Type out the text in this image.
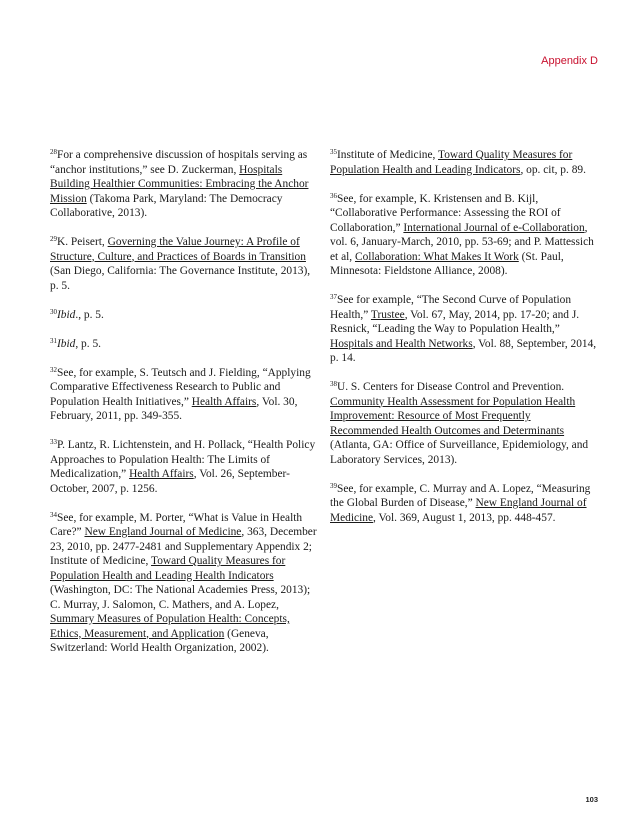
Appendix D

$^{28}$For a comprehensive discussion of hospitals serving as “anchor institutions,” see D. Zuckerman, Hospitals Building Healthier Communities: Embracing the Anchor Mission (Takoma Park, Maryland: The Democracy Collaborative, 2013).

$^{29}$K. Peisert, Governing the Value Journey: A Profile of Structure, Culture, and Practices of Boards in Transition (San Diego, California: The Governance Institute, 2013), p. 5.

$^{30}$Ibid., p. 5.

$^{31}$Ibid, p. 5.

$^{32}$See, for example, S. Teutsch and J. Fielding, “Applying Comparative Effectiveness Research to Public and Population Health Initiatives,” Health Affairs, Vol. 30, February, 2011, pp. 349-355.

$^{33}$P. Lantz, R. Lichtenstein, and H. Pollack, “Health Policy Approaches to Population Health: The Limits of Medicalization,” Health Affairs, Vol. 26, September-October, 2007, p. 1256.

$^{34}$See, for example, M. Porter, “What is Value in Health Care?” New England Journal of Medicine, 363, December 23, 2010, pp. 2477-2481 and Supplementary Appendix 2; Institute of Medicine, Toward Quality Measures for Population Health and Leading Health Indicators (Washington, DC: The National Academies Press, 2013); C. Murray, J. Salomon, C. Mathers, and A. Lopez, Summary Measures of Population Health: Concepts, Ethics, Measurement, and Application (Geneva, Switzerland: World Health Organization, 2002).

$^{35}$Institute of Medicine, Toward Quality Measures for Population Health and Leading Indicators, op. cit, p. 89.

$^{36}$See, for example, K. Kristensen and B. Kijl, “Collaborative Performance: Assessing the ROI of Collaboration,” International Journal of e-Collaboration, vol. 6, January-March, 2010, pp. 53-69; and P. Mattessich et al, Collaboration: What Makes It Work (St. Paul, Minnesota: Fieldstone Alliance, 2008).

$^{37}$See for example, “The Second Curve of Population Health,” Trustee, Vol. 67, May, 2014, pp. 17-20; and J. Resnick, “Leading the Way to Population Health,” Hospitals and Health Networks, Vol. 88, September, 2014, p. 14.

$^{38}$U. S. Centers for Disease Control and Prevention. Community Health Assessment for Population Health Improvement: Resource of Most Frequently Recommended Health Outcomes and Determinants (Atlanta, GA: Office of Surveillance, Epidemiology, and Laboratory Services, 2013).

$^{39}$See, for example, C. Murray and A. Lopez, “Measuring the Global Burden of Disease,” New England Journal of Medicine, Vol. 369, August 1, 2013, pp. 448-457.

103
